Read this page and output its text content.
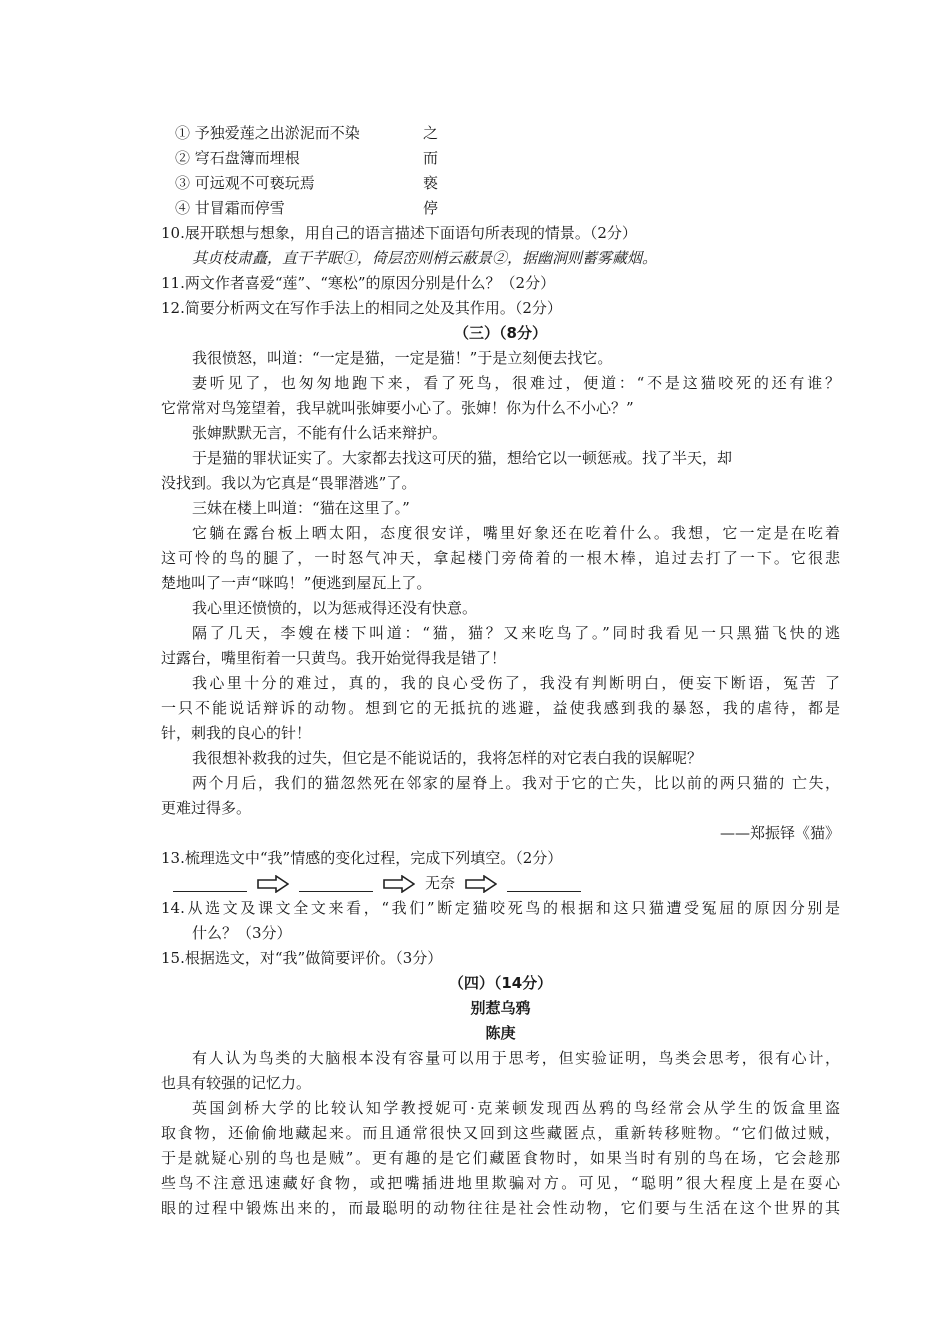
① 予独爱莲之出淤泥而不染	之
② 穹石盘簿而埋根	而
③ 可远观不可亵玩焉	亵
④ 甘冒霜而停雪	停
10.展开联想与想象，用自己的语言描述下面语句所表现的情景。（2分）
其贞枝肃矗，直干芊眠①，倚层峦则梢云蔽景②，据幽涧则蓄雾藏烟。
11.两文作者喜爱“莲”、“寒松”的原因分别是什么？（2分）
12.简要分析两文在写作手法上的相同之处及其作用。（2分）
（三）（8分）
我很愤怒，叫道：“一定是猫，一定是猫！”于是立刻便去找它。
妻听见了，也匆匆地跑下来，看了死鸟，很难过，便道：“不是这猫咬死的还有谁？
它常常对鸟笼望着，我早就叫张婶要小心了。张婶！你为什么不小心？”
张婶默默无言，不能有什么话来辩护。
于是猫的罪状证实了。大家都去找这可厌的猫，想给它以一顿惩戒。找了半天，却
没找到。我以为它真是“畏罪潜逃”了。
三妹在楼上叫道：“猫在这里了。”
它躺在露台板上晒太阳，态度很安详，嘴里好象还在吃着什么。我想，它一定是在吃着
这可怜的鸟的腿了，一时怒气冲天，拿起楼门旁倚着的一根木棒，追过去打了一下。它很悲
楚地叫了一声“咪呜！”便逃到屋瓦上了。
我心里还愤愤的，以为惩戒得还没有快意。
隔了几天，李嫂在楼下叫道：“猫，猫？又来吃鸟了。”同时我看见一只黑猫飞快的逃
过露台，嘴里衔着一只黄鸟。我开始觉得我是错了！
我心里十分的难过，真的，我的良心受伤了，我没有判断明白，便妄下断语，冤苦 了
一只不能说话辩诉的动物。想到它的无抵抗的逃避，益使我感到我的暴怒，我的虐待，都是
针，刺我的良心的针！
我很想补救我的过失，但它是不能说话的，我将怎样的对它表白我的误解呢？
两个月后，我们的猫忽然死在邻家的屋脊上。我对于它的亡失，比以前的两只猫的 亡失，
更难过得多。
——郑振铎《猫》
13.梳理选文中“我”情感的变化过程，完成下列填空。（2分）
无奈
14.从选文及课文全文来看，“我们”断定猫咬死鸟的根据和这只猫遭受冤屈的原因分别是
什么？（3分）
15.根据选文，对“我”做简要评价。（3分）
（四）（14分）
别惹乌鸦
陈庚
有人认为鸟类的大脑根本没有容量可以用于思考，但实验证明，鸟类会思考，很有心计，
也具有较强的记忆力。
英国剑桥大学的比较认知学教授妮可·克莱顿发现西丛鸦的鸟经常会从学生的饭盒里盗
取食物，还偷偷地藏起来。而且通常很快又回到这些藏匿点，重新转移赃物。“它们做过贼，
于是就疑心别的鸟也是贼”。更有趣的是它们藏匿食物时，如果当时有别的鸟在场，它会趁那
些鸟不注意迅速藏好食物，或把嘴插进地里欺骗对方。可见，“聪明”很大程度上是在耍心
眼的过程中锻炼出来的，而最聪明的动物往往是社会性动物，它们要与生活在这个世界的其
